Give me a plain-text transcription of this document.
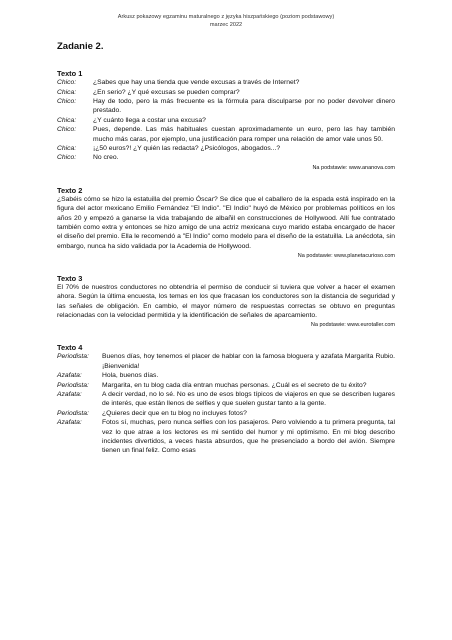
Arkusz pokazowy egzaminu maturalnego z języka hiszpańskiego (poziom podstawowy)
marzec 2022
Zadanie 2.
Texto 1
Chico:	¿Sabes que hay una tienda que vende excusas a través de Internet?
Chica:	¿En serio? ¿Y qué excusas se pueden comprar?
Chico:	Hay de todo, pero la más frecuente es la fórmula para disculparse por no poder devolver dinero prestado.
Chica:	¿Y cuánto llega a costar una excusa?
Chico:	Pues, depende. Las más habituales cuestan aproximadamente un euro, pero las hay también mucho más caras, por ejemplo, una justificación para romper una relación de amor vale unos 50.
Chica:	¡¿50 euros?! ¿Y quién las redacta? ¿Psicólogos, abogados...?
Chico:	No creo.
Na podstawie: www.ananova.com
Texto 2
¿Sabéis cómo se hizo la estatuilla del premio Óscar? Se dice que el caballero de la espada está inspirado en la figura del actor mexicano Emilio Fernández "El Indio". "El Indio" huyó de México por problemas políticos en los años 20 y empezó a ganarse la vida trabajando de albañil en construcciones de Hollywood. Allí fue contratado también como extra y entonces se hizo amigo de una actriz mexicana cuyo marido estaba encargado de hacer el diseño del premio. Ella le recomendó a "El Indio" como modelo para el diseño de la estatuilla. La anécdota, sin embargo, nunca ha sido validada por la Academia de Hollywood.
Na podstawie: www.planetacurioso.com
Texto 3
El 70% de nuestros conductores no obtendría el permiso de conducir si tuviera que volver a hacer el examen ahora. Según la última encuesta, los temas en los que fracasan los conductores son la distancia de seguridad y las señales de obligación. En cambio, el mayor número de respuestas correctas se obtuvo en preguntas relacionadas con la velocidad permitida y la identificación de señales de aparcamiento.
Na podstawie: www.eurotaller.com
Texto 4
Periodista:	Buenos días, hoy tenemos el placer de hablar con la famosa bloguera y azafata Margarita Rubio. ¡Bienvenida!
Azafata:	Hola, buenos días.
Periodista:	Margarita, en tu blog cada día entran muchas personas. ¿Cuál es el secreto de tu éxito?
Azafata:	A decir verdad, no lo sé. No es uno de esos blogs típicos de viajeros en que se describen lugares de interés, que están llenos de selfies y que suelen gustar tanto a la gente.
Periodista:	¿Quieres decir que en tu blog no incluyes fotos?
Azafata:	Fotos sí, muchas, pero nunca selfies con los pasajeros. Pero volviendo a tu primera pregunta, tal vez lo que atrae a los lectores es mi sentido del humor y mi optimismo. En mi blog describo incidentes divertidos, a veces hasta absurdos, que he presenciado a bordo del avión. Siempre tienen un final feliz. Como esas
